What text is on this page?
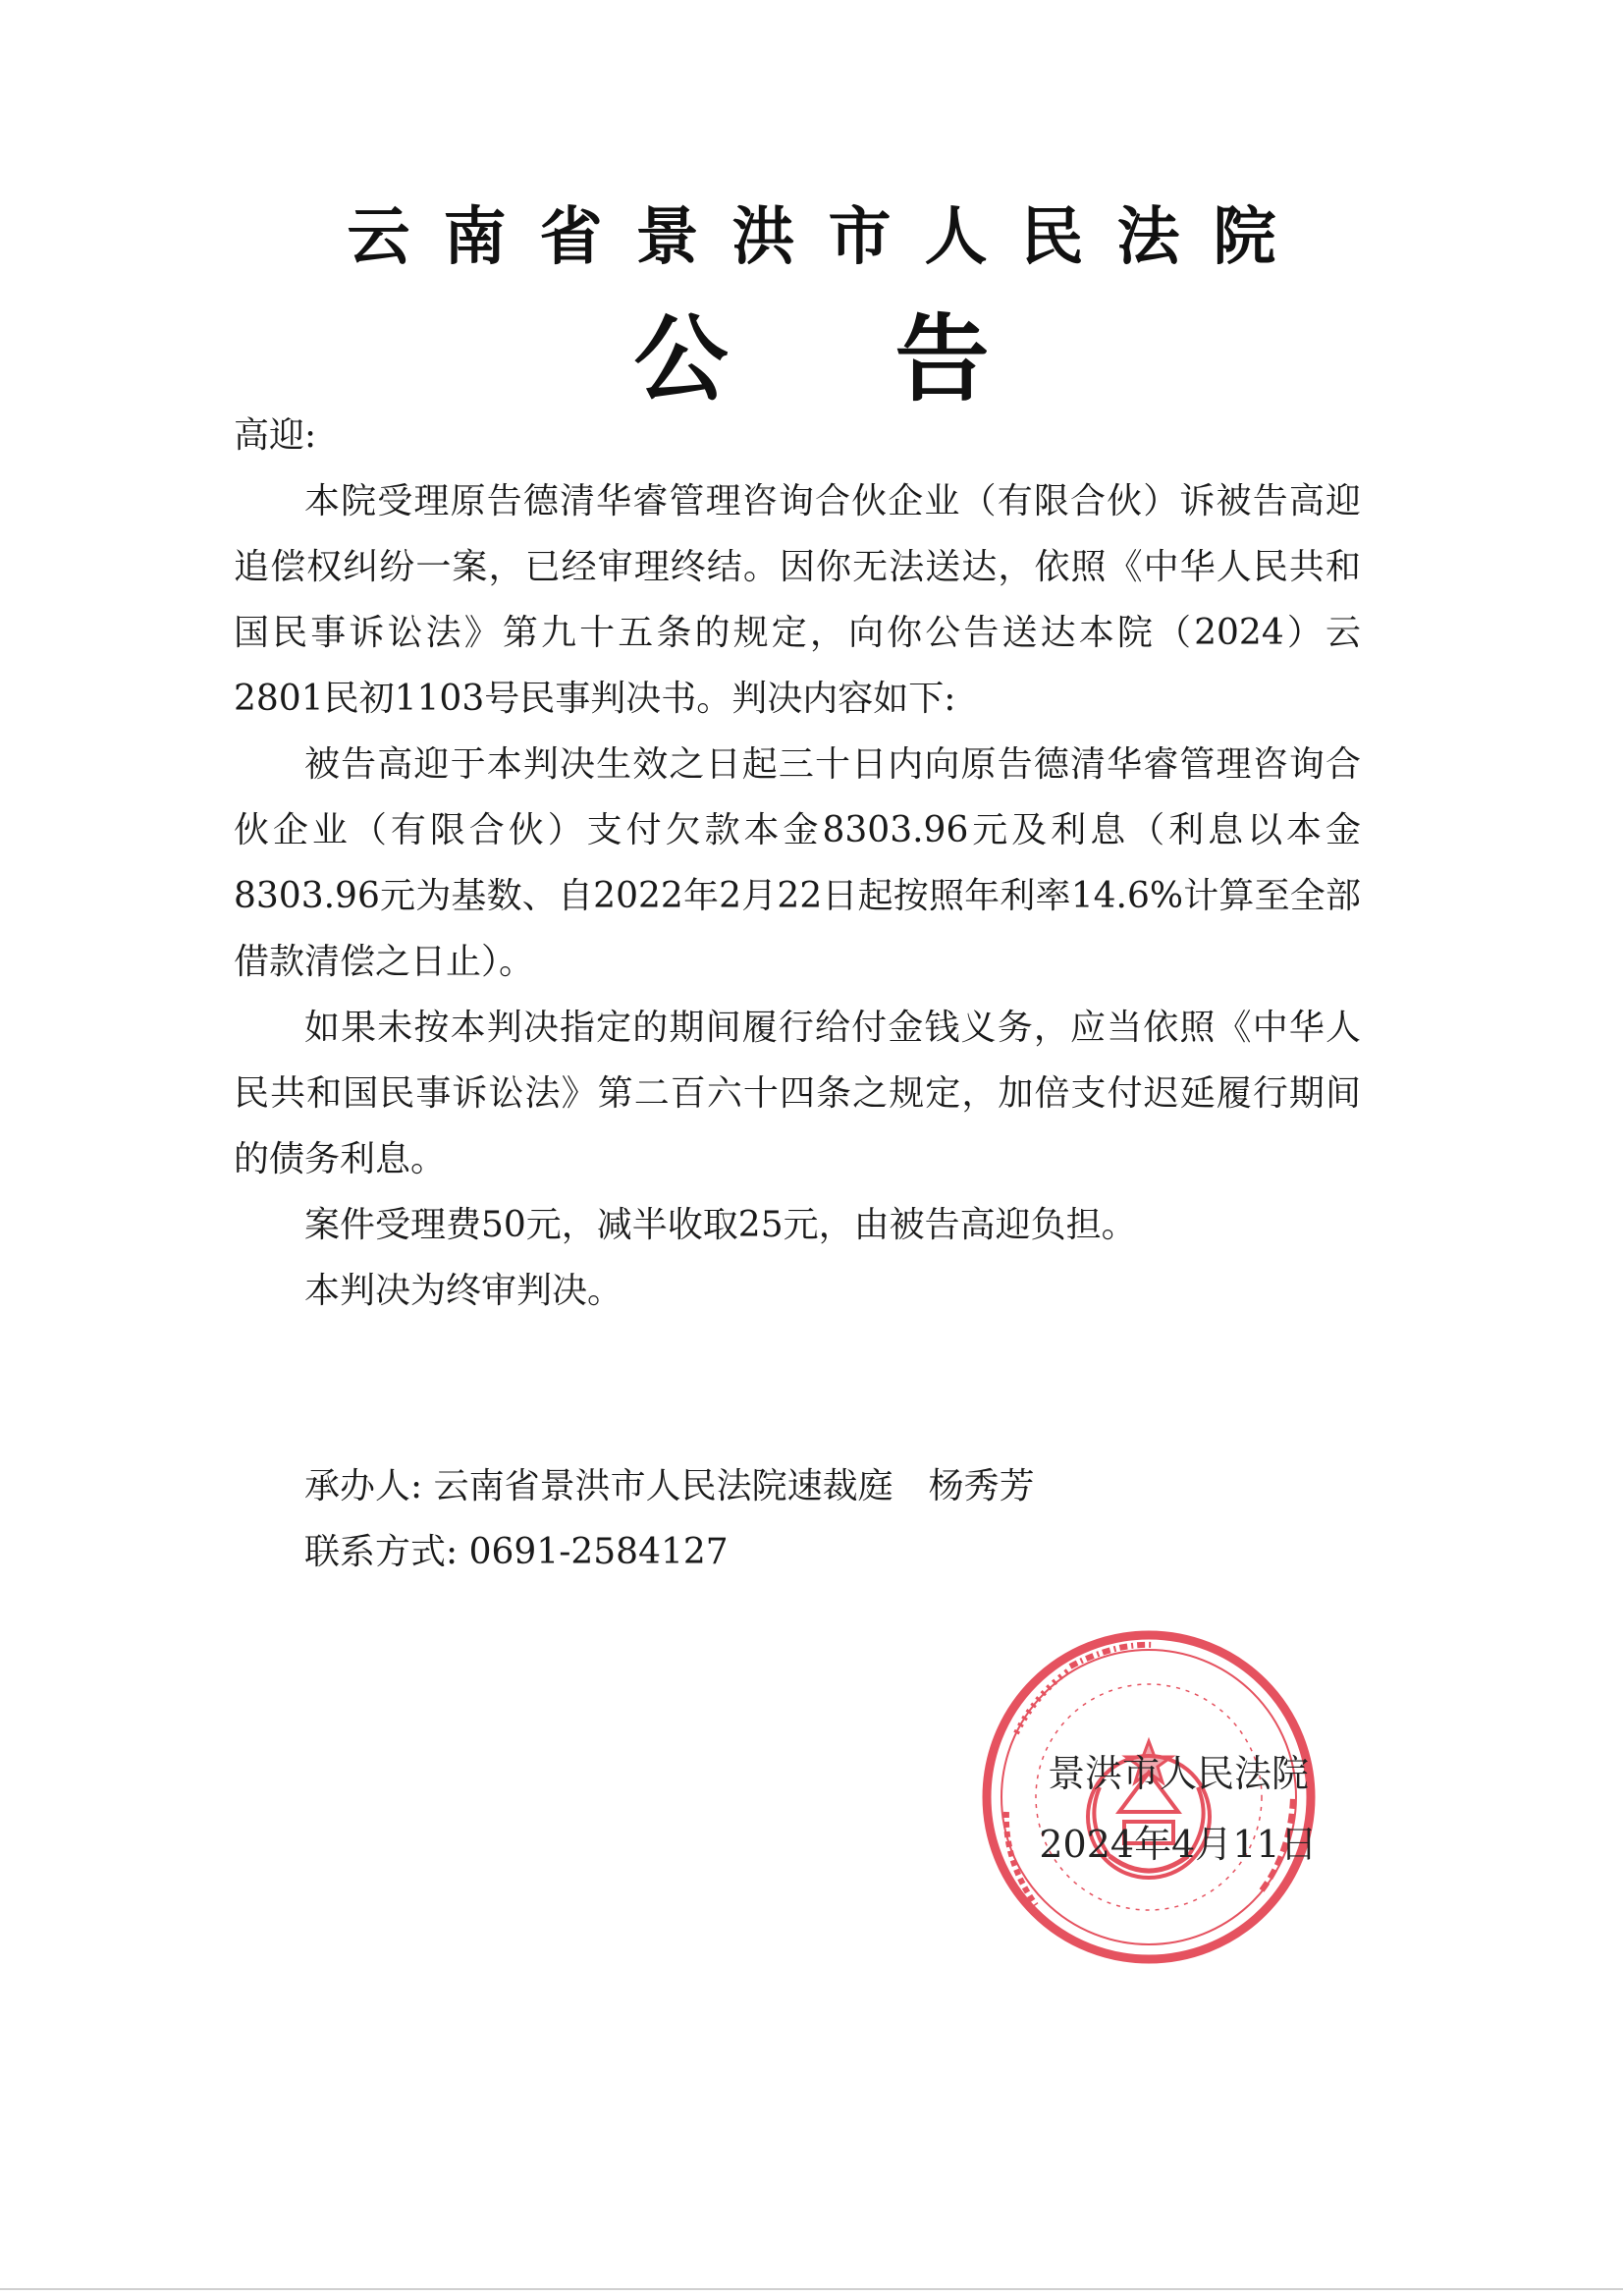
云南省景洪市人民法院
公告

高迎:

本院受理原告德清华睿管理咨询合伙企业（有限合伙）诉被告高迎追偿权纠纷一案，已经审理终结。因你无法送达，依照《中华人民共和国民事诉讼法》第九十五条的规定，向你公告送达本院（2024）云2801民初1103号民事判决书。判决内容如下:

被告高迎于本判决生效之日起三十日内向原告德清华睿管理咨询合伙企业（有限合伙）支付欠款本金8303.96元及利息（利息以本金8303.96元为基数、自2022年2月22日起按照年利率14.6%计算至全部借款清偿之日止）。

如果未按本判决指定的期间履行给付金钱义务，应当依照《中华人民共和国民事诉讼法》第二百六十四条之规定，加倍支付迟延履行期间的债务利息。

案件受理费50元，减半收取25元，由被告高迎负担。

本判决为终审判决。

承办人: 云南省景洪市人民法院速裁庭　杨秀芳
联系方式: 0691-2584127
景洪市人民法院
2024年4月11日
